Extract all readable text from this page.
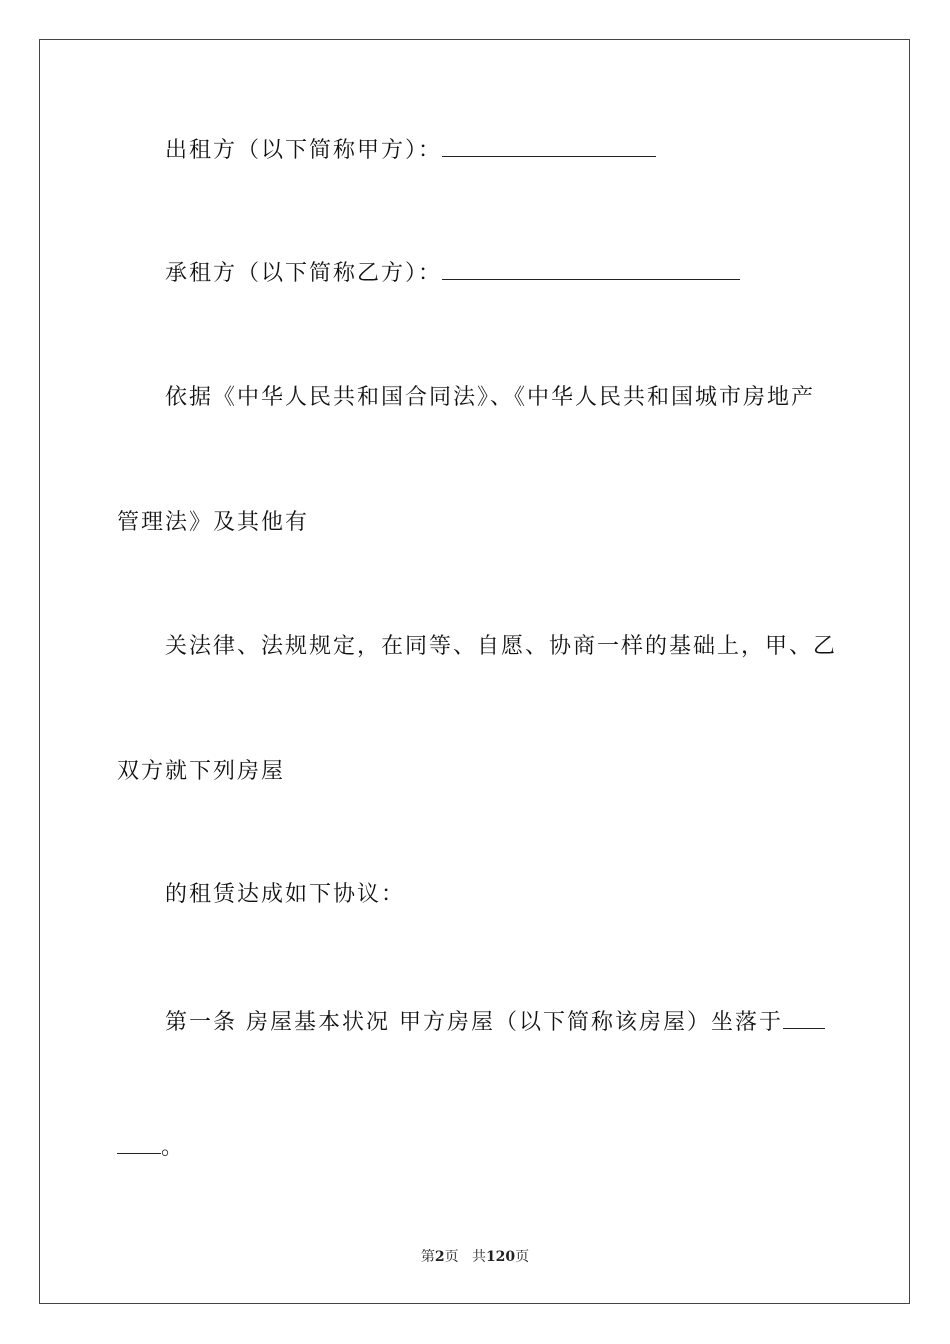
出租方（以下简称甲方）：
承租方（以下简称乙方）：
依据《中华人民共和国合同法》、《中华人民共和国城市房地产
管理法》及其他有
关法律、法规规定，在同等、自愿、协商一样的基础上，甲、乙
双方就下列房屋
的租赁达成如下协议：
第一条 房屋基本状况 甲方房屋（以下简称该房屋）坐落于
。
第2页 共120页
